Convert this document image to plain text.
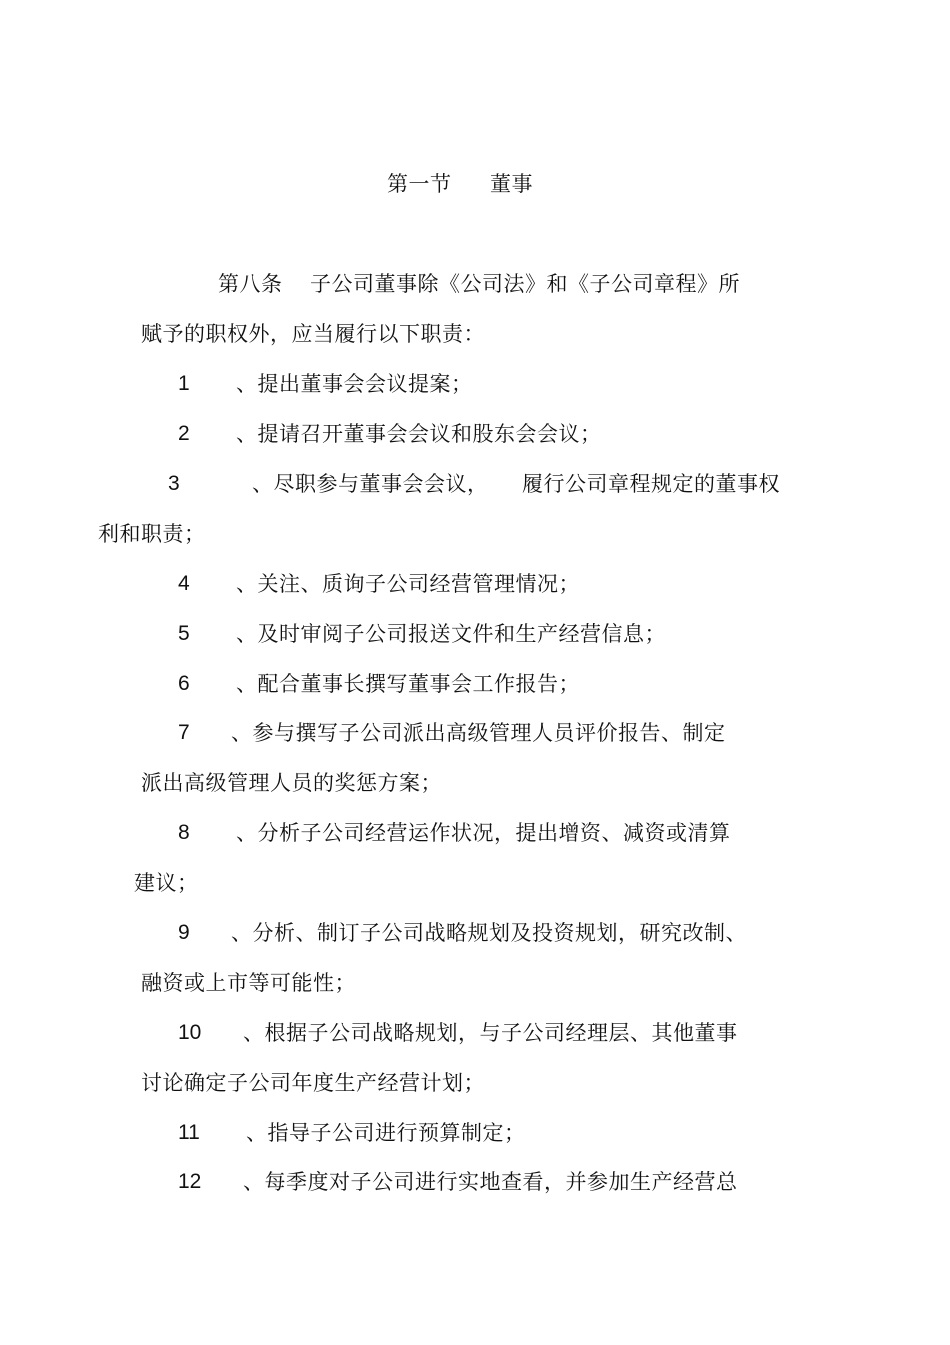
第一节 董事
第八条 子公司董事除《公司法》和《子公司章程》所
赋予的职权外，应当履行以下职责：
1 、提出董事会会议提案；
2 、提请召开董事会会议和股东会会议；
3	、尽职参与董事会会议， 履行公司章程规定的董事权
利和职责；
4 、关注、质询子公司经营管理情况；
5 、及时审阅子公司报送文件和生产经营信息；
6 、配合董事长撰写董事会工作报告；
7 、参与撰写子公司派出高级管理人员评价报告、制定
派出高级管理人员的奖惩方案；
8 、分析子公司经营运作状况，提出增资、减资或清算
建议；
9 、分析、制订子公司战略规划及投资规划，研究改制、
融资或上市等可能性；
10 、根据子公司战略规划，与子公司经理层、其他董事
讨论确定子公司年度生产经营计划；
11 、指导子公司进行预算制定；
12 、每季度对子公司进行实地查看，并参加生产经营总
